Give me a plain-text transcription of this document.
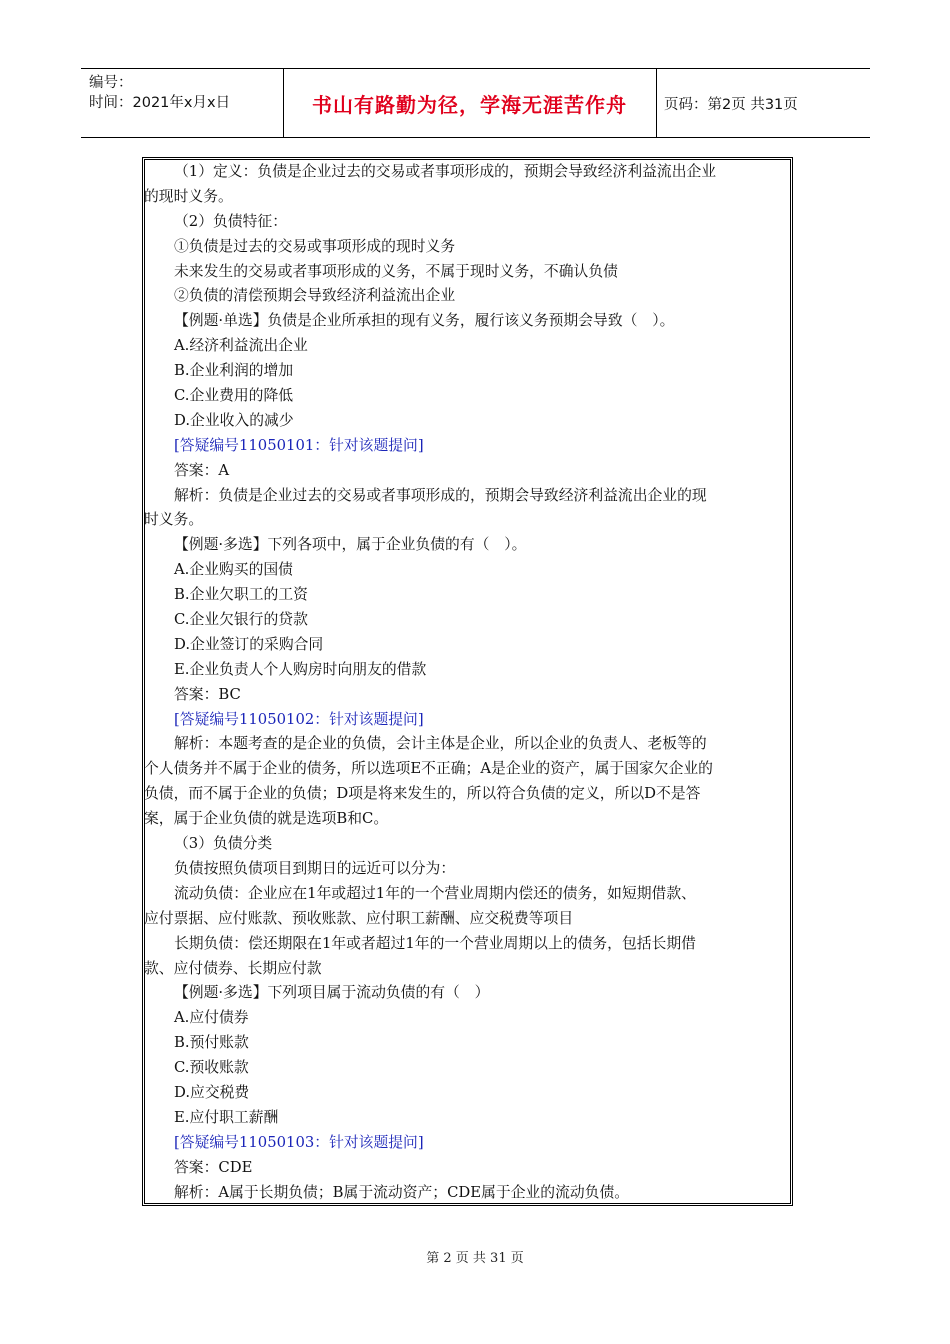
编号：
时间：2021年x月x日	书山有路勤为径，学海无涯苦作舟	页码：第2页 共31页
（1）定义：负债是企业过去的交易或者事项形成的，预期会导致经济利益流出企业
的现时义务。
（2）负债特征：
①负债是过去的交易或事项形成的现时义务
未来发生的交易或者事项形成的义务，不属于现时义务，不确认负债
②负债的清偿预期会导致经济利益流出企业
【例题·单选】负债是企业所承担的现有义务，履行该义务预期会导致（　）。
A.经济利益流出企业
B.企业利润的增加
C.企业费用的降低
D.企业收入的减少
[答疑编号11050101：针对该题提问]
答案：A
解析：负债是企业过去的交易或者事项形成的，预期会导致经济利益流出企业的现
时义务。
【例题·多选】下列各项中，属于企业负债的有（　）。
A.企业购买的国债
B.企业欠职工的工资
C.企业欠银行的贷款
D.企业签订的采购合同
E.企业负责人个人购房时向朋友的借款
答案：BC
[答疑编号11050102：针对该题提问]
解析：本题考查的是企业的负债，会计主体是企业，所以企业的负责人、老板等的
个人债务并不属于企业的债务，所以选项E不正确；A是企业的资产，属于国家欠企业的
负债，而不属于企业的负债；D项是将来发生的，所以符合负债的定义，所以D不是答
案，属于企业负债的就是选项B和C。
（3）负债分类
负债按照负债项目到期日的远近可以分为：
流动负债：企业应在1年或超过1年的一个营业周期内偿还的债务，如短期借款、
应付票据、应付账款、预收账款、应付职工薪酬、应交税费等项目
长期负债：偿还期限在1年或者超过1年的一个营业周期以上的债务，包括长期借
款、应付债券、长期应付款
【例题·多选】下列项目属于流动负债的有（　）
A.应付债券
B.预付账款
C.预收账款
D.应交税费
E.应付职工薪酬
[答疑编号11050103：针对该题提问]
答案：CDE
解析：A属于长期负债；B属于流动资产；CDE属于企业的流动负债。
第 2 页 共 31 页
